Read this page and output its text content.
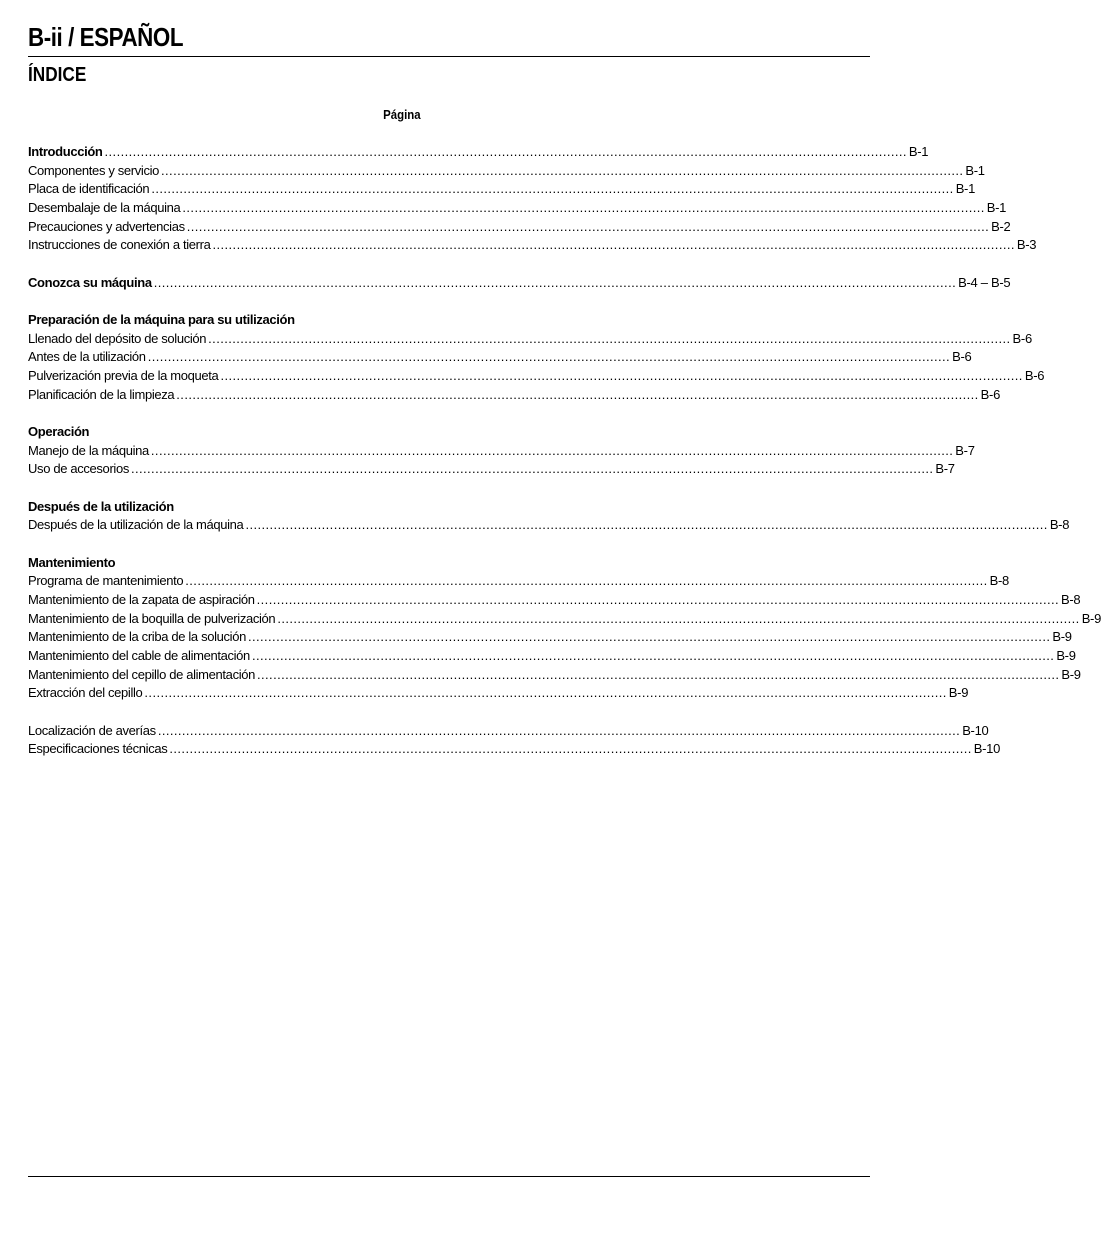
B-ii / ESPAÑOL
ÍNDICE
Página
Introducción ........................................................................................................................................................................................................ B-1
Componentes y servicio ........................................................................................................................................................................................................ B-1
Placa de identificación ........................................................................................................................................................................................................ B-1
Desembalaje de la máquina ........................................................................................................................................................................................................ B-1
Precauciones y advertencias ........................................................................................................................................................................................................ B-2
Instrucciones de conexión a tierra ........................................................................................................................................................................................................ B-3
Conozca su máquina ........................................................................................................................................................................................................ B-4 – B-5
Preparación de la máquina para su utilización
Llenado del depósito de solución ........................................................................................................................................................................................................ B-6
Antes de la utilización ........................................................................................................................................................................................................ B-6
Pulverización previa de la moqueta ........................................................................................................................................................................................................ B-6
Planificación de la limpieza ........................................................................................................................................................................................................ B-6
Operación
Manejo de la máquina ........................................................................................................................................................................................................ B-7
Uso de accesorios ........................................................................................................................................................................................................ B-7
Después de la utilización
Después de la utilización de la máquina ........................................................................................................................................................................................................ B-8
Mantenimiento
Programa de mantenimiento ........................................................................................................................................................................................................ B-8
Mantenimiento de la zapata de aspiración ........................................................................................................................................................................................................ B-8
Mantenimiento de la boquilla de pulverización ........................................................................................................................................................................................................ B-9
Mantenimiento de la criba de la solución ........................................................................................................................................................................................................ B-9
Mantenimiento del cable de alimentación ........................................................................................................................................................................................................ B-9
Mantenimiento del cepillo de alimentación ........................................................................................................................................................................................................ B-9
Extracción del cepillo ........................................................................................................................................................................................................ B-9
Localización de averías ........................................................................................................................................................................................................ B-10
Especificaciones técnicas ........................................................................................................................................................................................................ B-10
